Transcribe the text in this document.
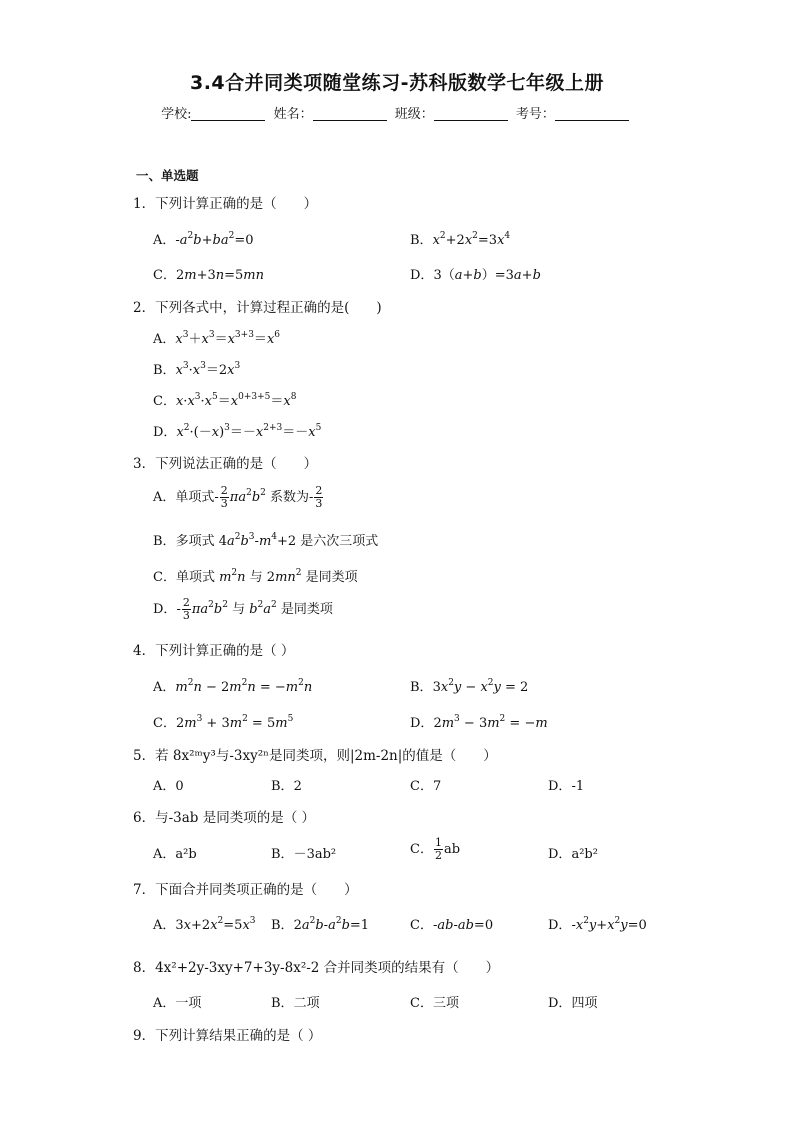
3.4合并同类项随堂练习-苏科版数学七年级上册
学校:	姓名：	班级：	考号：
一、单选题
1．下列计算正确的是（　　）
A．$-a^2b+ba^2=0$	B．$x^2+2x^2=3x^4$
C．2m+3n=5mn	D．3（a+b）=3a+b
2．下列各式中，计算过程正确的是(　　)
A．$x^3+x^3=x^{3+3}=x^6$
B．$x^3\cdot x^3=2x^3$
C．$x\cdot x^3\cdot x^5=x^{0+3+5}=x^8$
D．$x^2\cdot(-x)^3=-x^{2+3}=-x^5$
3．下列说法正确的是（　　）
A．单项式- $\frac{2}{3} \pi a^2b^2$ 系数为- $\frac{2}{3}$
B．多项式 $4a^2b^3-m^4+2$ 是六次三项式
C．单项式 $m^2n$ 与 $2mn^2$ 是同类项
D．- $\frac{2}{3} \pi a^2b^2$ 与 $b^2a^2$ 是同类项
4．下列计算正确的是（ ）
A．$m^2n - 2m^2n = -m^2n$	B．$3x^2y - x^2y = 2$
C．$2m^3 + 3m^2 = 5m^5$	D．$2m^3 - 3m^2 = -m$
5．若 8x²ᵐy³与-3xy²ⁿ是同类项，则|2m-2n|的值是（　　）
A．0	B．2	C．7	D．-1
6．与-3ab 是同类项的是（ ）
A．a²b	B．－3ab²	C． $\frac{1}{2}$ ab	D．a²b²
7．下面合并同类项正确的是（　　）
A．$3x+2x^2=5x^3$ B．$2a^2b-a^2b=1$	C．-ab-ab=0	D．$-x^2y+x^2y=0$
8．4x²+2y-3xy+7+3y-8x²-2 合并同类项的结果有（　　）
A．一项	B．二项	C．三项	D．四项
9．下列计算结果正确的是（ ）
